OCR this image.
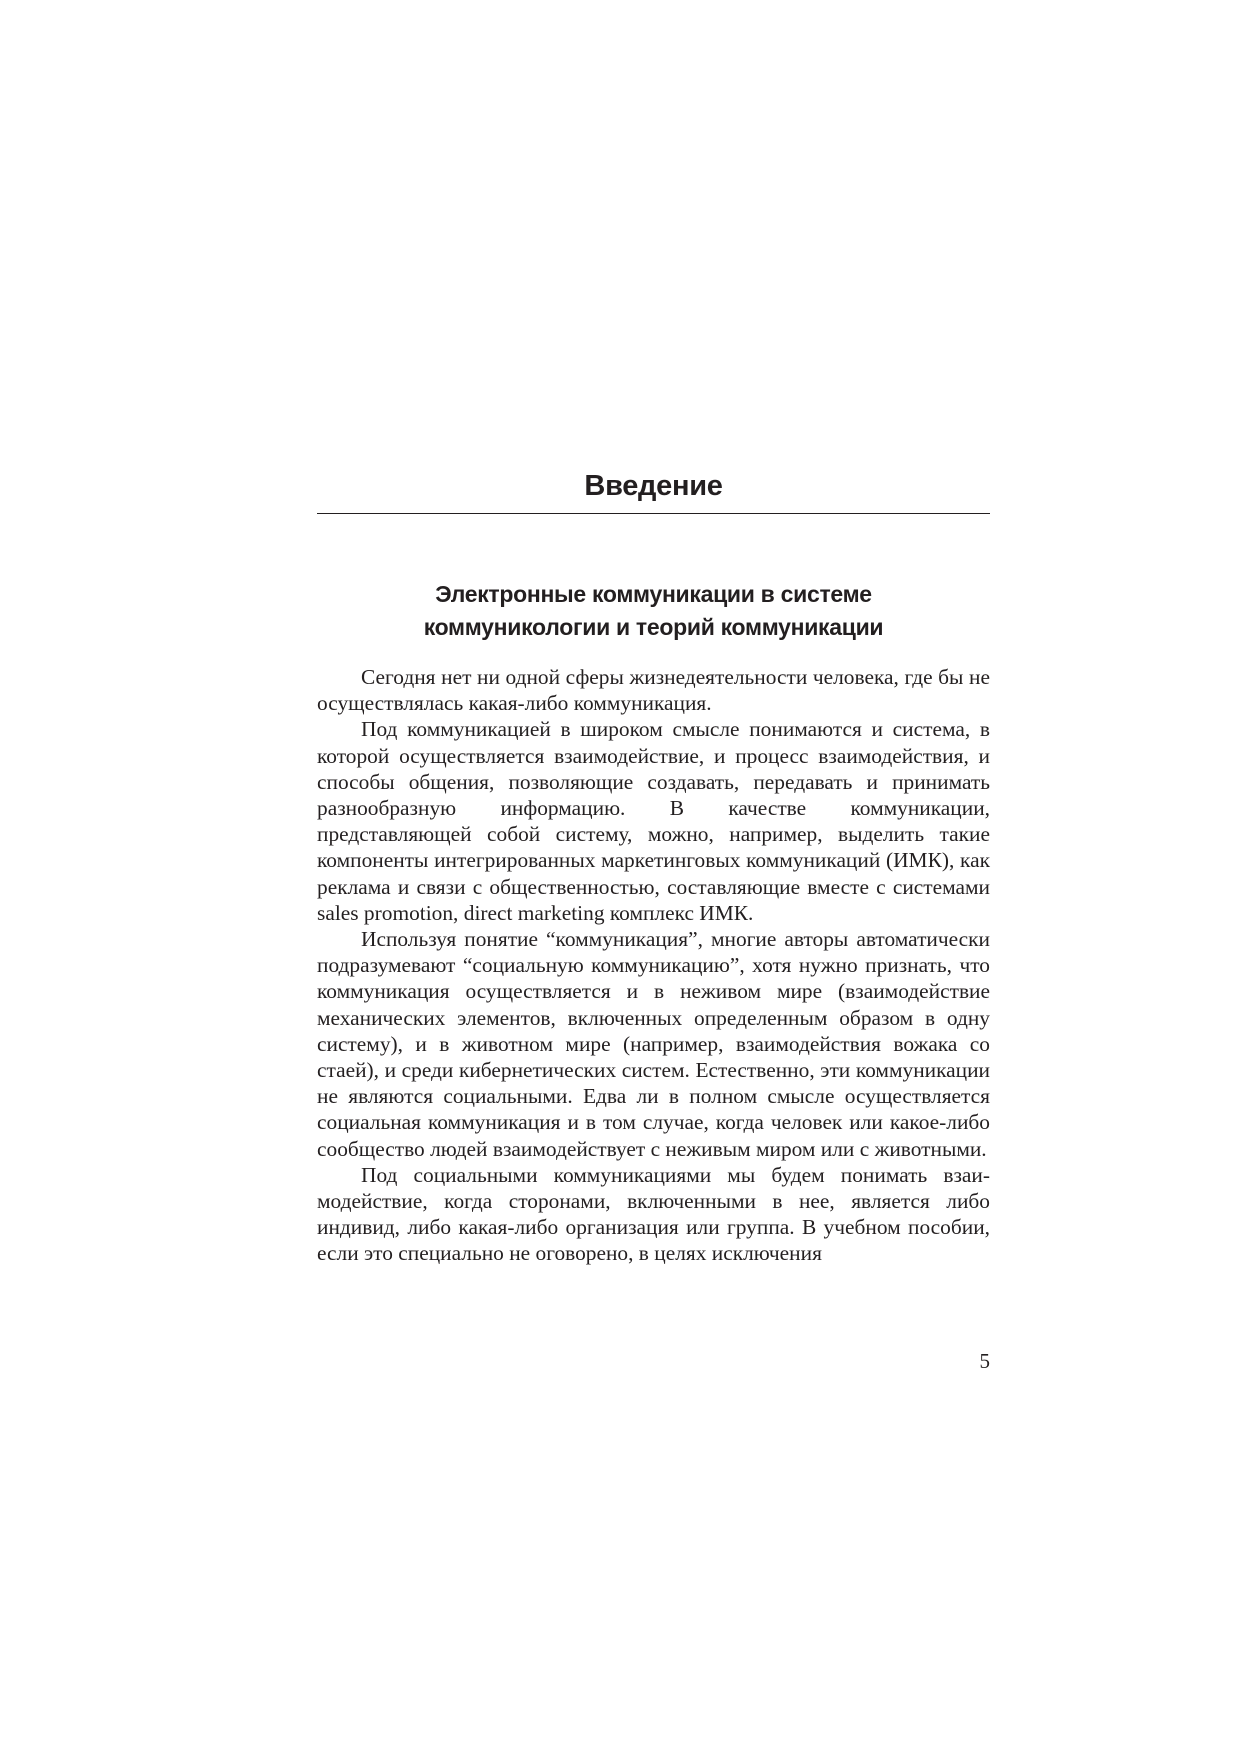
Введение
Электронные коммуникации в системе
коммуникологии и теорий коммуникации

Сегодня нет ни одной сферы жизнедеятельности человека, где бы не осуществлялась какая-либо коммуникация.

Под коммуникацией в широком смысле понимаются и система, в которой осуществляется взаимодействие, и процесс взаимодействия, и способы общения, позволяющие создавать, передавать и принимать разнообразную информацию. В качестве коммуникации, представляющей собой систему, можно, например, выделить такие компоненты интегрированных маркетинговых коммуникаций (ИМК), как реклама и связи с общественностью, составляющие вместе с системами sales promotion, direct marketing комплекс ИМК.

Используя понятие “коммуникация”, многие авторы автоматически подразумевают “социальную коммуникацию”, хотя нужно признать, что коммуникация осуществляется и в неживом мире (взаимодействие механических элементов, включенных определенным образом в одну систему), и в животном мире (например, взаимодействия вожака со стаей), и среди кибернетических систем. Естественно, эти коммуникации не являются социальными. Едва ли в полном смысле осуществляется социальная коммуникация и в том случае, когда человек или какое-либо сообщество людей взаимодействует с неживым миром или с животными.

Под социальными коммуникациями мы будем понимать взаимодействие, когда сторонами, включенными в нее, является либо индивид, либо какая-либо организация или группа. В учебном пособии, если это специально не оговорено, в целях исключения

5
